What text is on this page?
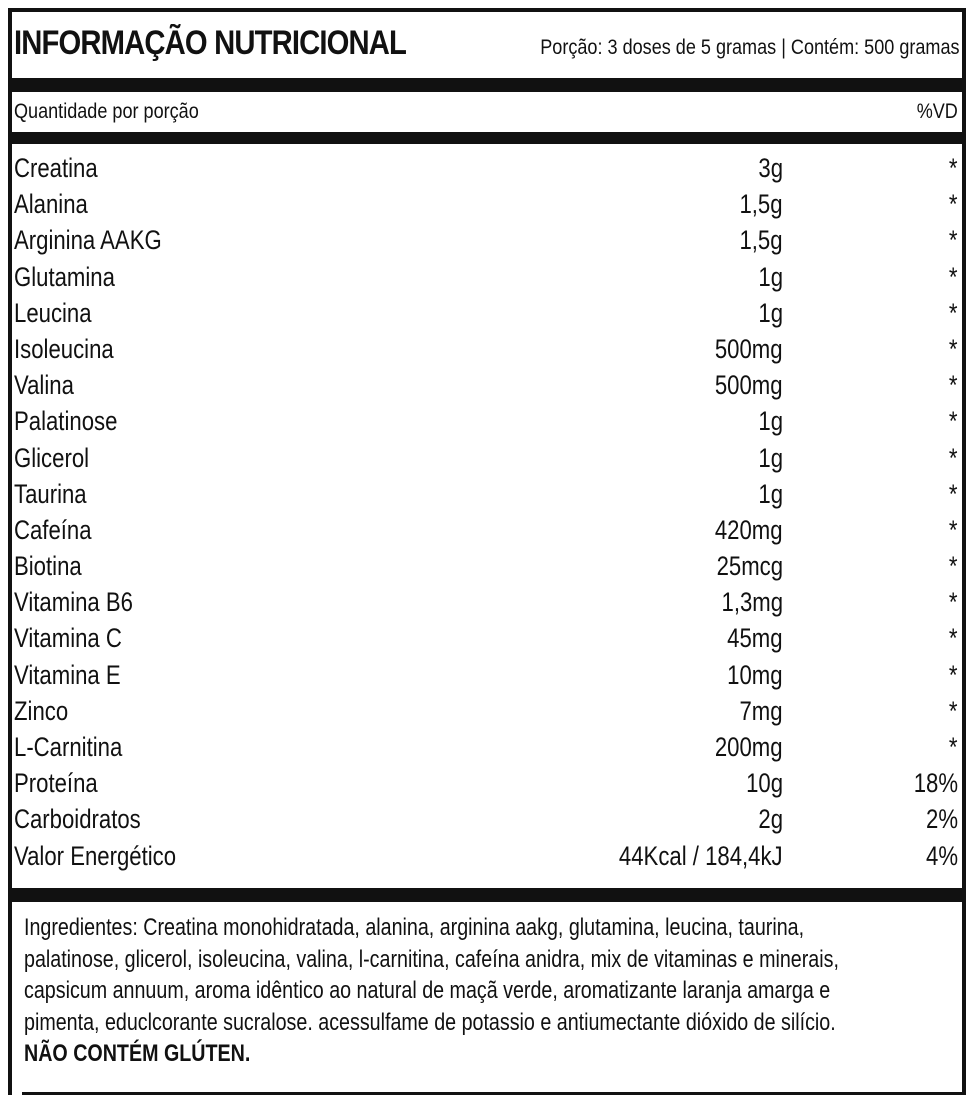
INFORMAÇÃO NUTRICIONAL	Porção: 3 doses de 5 gramas | Contém: 500 gramas
Quantidade por porção	%VD
Creatina	3g	*
Alanina	1,5g	*
Arginina AAKG	1,5g	*
Glutamina	1g	*
Leucina	1g	*
Isoleucina	500mg	*
Valina	500mg	*
Palatinose	1g	*
Glicerol	1g	*
Taurina	1g	*
Cafeína	420mg	*
Biotina	25mcg	*
Vitamina B6	1,3mg	*
Vitamina C	45mg	*
Vitamina E	10mg	*
Zinco	7mg	*
L-Carnitina	200mg	*
Proteína	10g	18%
Carboidratos	2g	2%
Valor Energético	44Kcal / 184,4kJ	4%
Ingredientes: Creatina monohidratada, alanina, arginina aakg, glutamina, leucina, taurina,
palatinose, glicerol, isoleucina, valina, l-carnitina, cafeína anidra, mix de vitaminas e minerais,
capsicum annuum, aroma idêntico ao natural de maçã verde, aromatizante laranja amarga e
pimenta, educlcorante sucralose. acessulfame de potassio e antiumectante dióxido de silício.
NÃO CONTÉM GLÚTEN.
